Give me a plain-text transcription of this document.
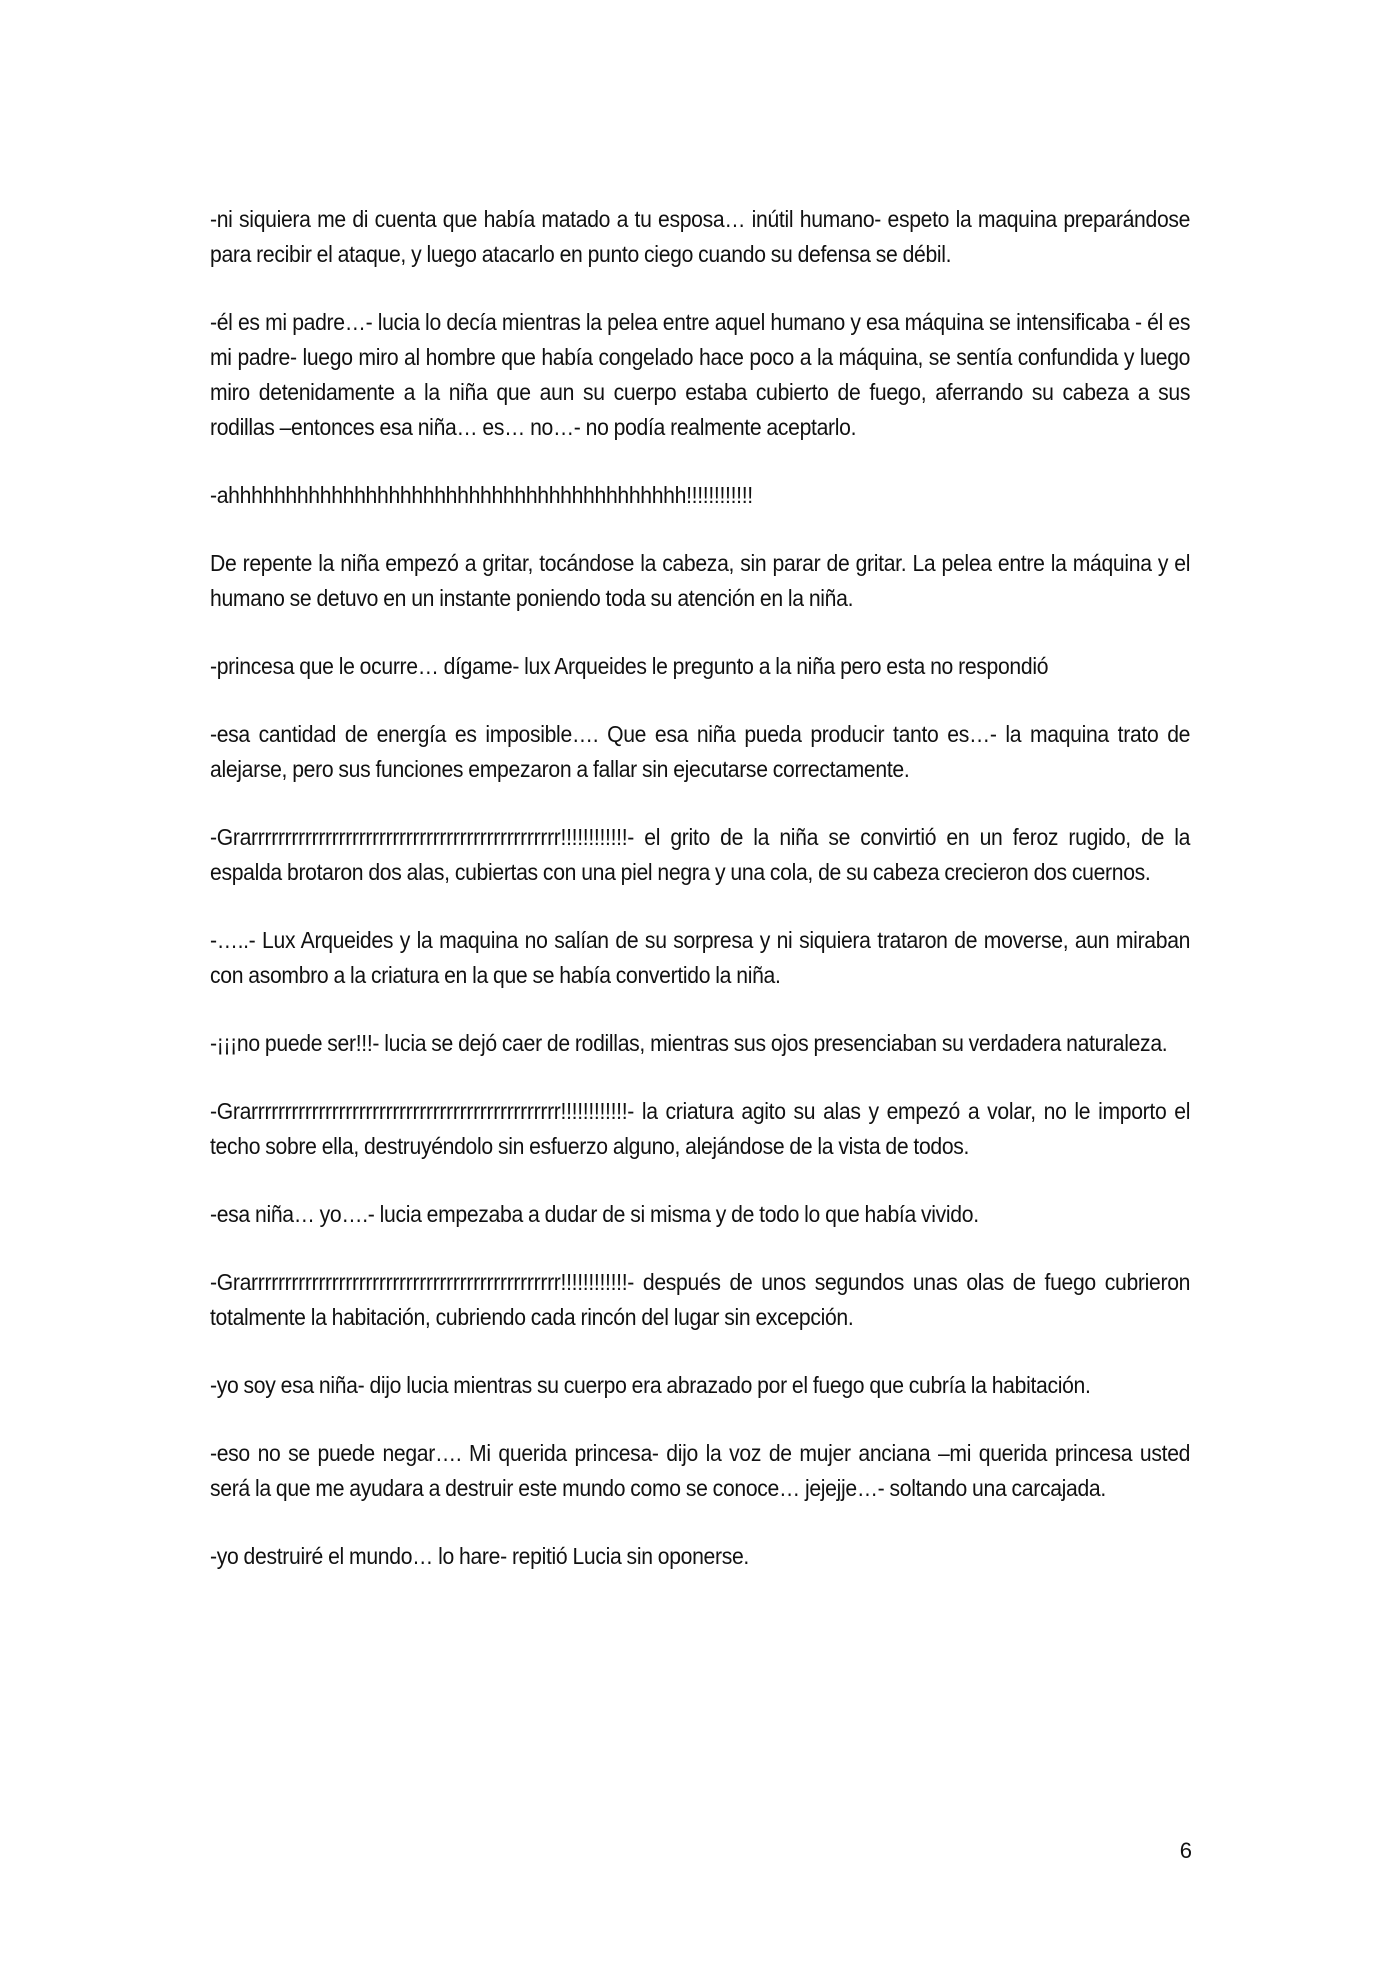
-ni siquiera me di cuenta que había matado a tu esposa… inútil humano- espeto la maquina preparándose para recibir el ataque, y luego atacarlo en punto ciego cuando su defensa se débil.

-él es mi padre…- lucia lo decía mientras la pelea entre aquel humano y esa máquina se intensificaba - él es mi padre- luego miro al hombre que había congelado hace poco a la máquina, se sentía confundida y luego miro detenidamente a la niña que aun su cuerpo estaba cubierto de fuego, aferrando su cabeza a sus rodillas –entonces esa niña… es… no…- no podía realmente aceptarlo.

-ahhhhhhhhhhhhhhhhhhhhhhhhhhhhhhhhhhhhhhhh!!!!!!!!!!!!

De repente la niña empezó a gritar, tocándose la cabeza, sin parar de gritar. La pelea entre la máquina y el humano se detuvo en un instante poniendo toda su atención en la niña.

-princesa que le ocurre… dígame- lux Arqueides le pregunto a la niña pero esta no respondió

-esa cantidad de energía es imposible…. Que esa niña pueda producir tanto es…- la maquina trato de alejarse, pero sus funciones empezaron a fallar sin ejecutarse correctamente.

-Grarrrrrrrrrrrrrrrrrrrrrrrrrrrrrrrrrrrrrrrrrrrrrr!!!!!!!!!!!!- el grito de la niña se convirtió en un feroz rugido, de la espalda brotaron dos alas, cubiertas con una piel negra y una cola, de su cabeza crecieron dos cuernos.

-…..- Lux Arqueides y la maquina no salían de su sorpresa y ni siquiera trataron de moverse, aun miraban con asombro a la criatura en la que se había convertido la niña.

-¡¡¡no puede ser!!!- lucia se dejó caer de rodillas, mientras sus ojos presenciaban su verdadera naturaleza.

-Grarrrrrrrrrrrrrrrrrrrrrrrrrrrrrrrrrrrrrrrrrrrrrr!!!!!!!!!!!!- la criatura agito su alas y empezó a volar, no le importo el techo sobre ella, destruyéndolo sin esfuerzo alguno, alejándose de la vista de todos.

-esa niña… yo….- lucia empezaba a dudar de si misma y de todo lo que había vivido.

-Grarrrrrrrrrrrrrrrrrrrrrrrrrrrrrrrrrrrrrrrrrrrrrr!!!!!!!!!!!!- después de unos segundos unas olas de fuego cubrieron totalmente la habitación, cubriendo cada rincón del lugar sin excepción.

-yo soy esa niña- dijo lucia mientras su cuerpo era abrazado por el fuego que cubría la habitación.

-eso no se puede negar…. Mi querida princesa- dijo la voz de mujer anciana –mi querida princesa usted será la que me ayudara a destruir este mundo como se conoce… jejejje…- soltando una carcajada.

-yo destruiré el mundo… lo hare- repitió Lucia sin oponerse.

6
